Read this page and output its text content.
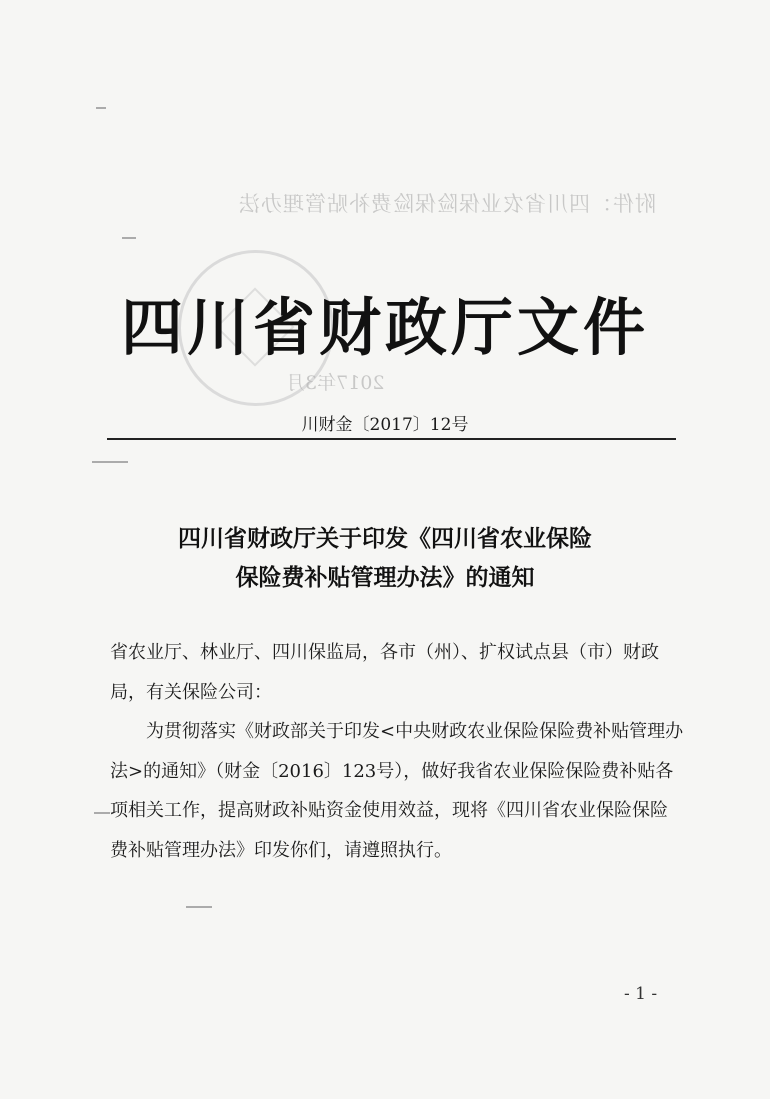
附件：四川省农业保险保险费补贴管理办法
2017年3月
四川省财政厅文件
川财金〔2017〕12号
四川省财政厅关于印发《四川省农业保险
保险费补贴管理办法》的通知

省农业厅、林业厅、四川保监局，各市（州）、扩权试点县（市）财政局，有关保险公司：

为贯彻落实《财政部关于印发<中央财政农业保险保险费补贴管理办法>的通知》（财金〔2016〕123号），做好我省农业保险保险费补贴各项相关工作，提高财政补贴资金使用效益，现将《四川省农业保险保险费补贴管理办法》印发你们，请遵照执行。

- 1 -
